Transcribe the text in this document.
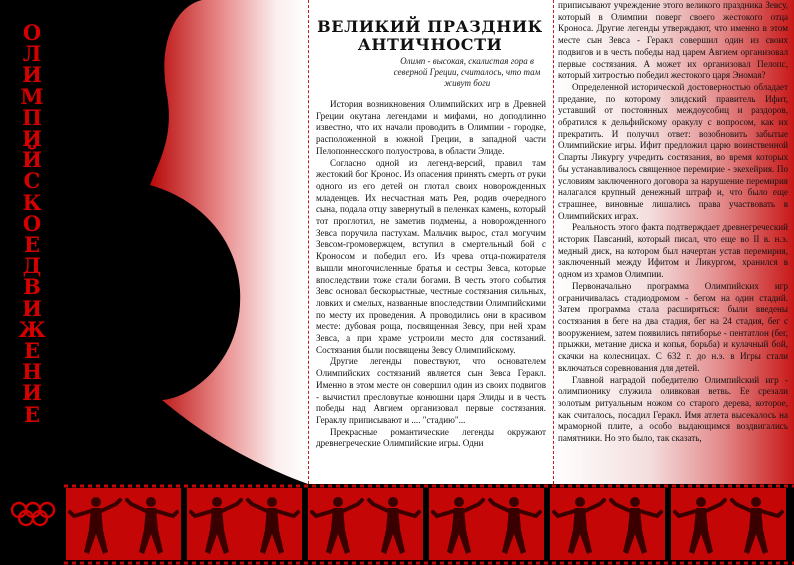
О
Л
И
М
П
И
Й
С
К
О
Е
Д
В
И
Ж
Е
Н
И
Е
ВЕЛИКИЙ ПРАЗДНИК
АНТИЧНОСТИ
Олимп - высокая, скалистая гора в северной Греции, считалось, что там живут боги

История возникновения Олимпийских игр в Древней Греции окутана легендами и мифами, но доподлинно известно, что их начали проводить в Олимпии - городке, расположенной в южной Греции, в западной части Пелопоннесского полуострова, в области Элиде.

Согласно одной из легенд-версий, правил там жестокий бог Кронос. Из опасения принять смерть от руки одного из его детей он глотал своих новорожденных младенцев. Их несчастная мать Рея, родив очередного сына, подала отцу завернутый в пеленках камень, который тот проглотил, не заметив подмены, а новорожденного Зевса поручила пастухам. Мальчик вырос, стал могучим Зевсом-громовержцем, вступил в смертельный бой с Кроносом и победил его. Из чрева отца-пожирателя вышли многочисленные братья и сестры Зевса, которые впоследствии тоже стали богами. В честь этого события Зевс основал бескорыстные, честные состязания сильных, ловких и смелых, названные впоследствии Олимпийскими по месту их проведения. А проводились они в красивом месте: дубовая роща, посвященная Зевсу, при ней храм Зевса, а при храме устроили место для состязаний. Состязания были посвящены Зевсу Олимпийскому.

Другие легенды повествуют, что основателем Олимпийских состязаний является сын Зевса Геракл. Именно в этом месте он совершил один из своих подвигов - вычистил пресловутые конюшни царя Элиды и в честь победы над Авгием организовал первые состязания. Гераклу приписывают и .... "стадию"...

Прекрасные романтические легенды окружают древнегреческие Олимпийские игры. Одни

приписывают учреждение этого великого праздника Зевсу, который в Олимпии поверг своего жестокого отца Кроноса. Другие легенды утверждают, что именно в этом месте сын Зевса - Геракл совершил один из своих подвигов и в честь победы над царем Авгием организовал первые состязания. А может их организовал Пелопс, который хитростью победил жестокого царя Эномая?

Определенной исторической достоверностью обладает предание, по которому элидский правитель Ифит, уставший от постоянных междоусобиц и раздоров, обратился к дельфийскому оракулу с вопросом, как их прекратить. И получил ответ: возобновить забытые Олимпийские игры. Ифит предложил царю воинственной Спарты Ликургу учредить состязания, во время которых бы устанавливалось священное перемирие - экехейрия. По условиям заключенного договора за нарушение перемирия налагался крупный денежный штраф и, что было еще страшнее, виновные лишались права участвовать в Олимпийских играх.

Реальность этого факта подтверждает древнегреческий историк Павсаний, который писал, что еще во II в. н.э. медный диск, на котором был начертан устав перемирия, заключенный между Ифитом и Ликургом, хранился в одном из храмов Олимпии.

Первоначально программа Олимпийских игр ограничивалась стадиодромом - бегом на один стадий. Затем программа стала расширяться: были введены состязания в беге на два стадия, бег на 24 стадия, бег с вооружением, затем появились пятиборье - пентатлон (бег, прыжки, метание диска и копья, борьба) и кулачный бой, скачки на колесницах. С 632 г. до н.э. в Игры стали включаться соревнования для детей.

Главной наградой победителю Олимпийский игр - олимпионику служила оливковая ветвь. Ее срезали золотым ритуальным ножом со старого дерева, которое, как считалось, посадил Геракл. Имя атлета высекалось на мраморной плите, а особо выдающимся воздвигались памятники. Но это было, так сказать,
